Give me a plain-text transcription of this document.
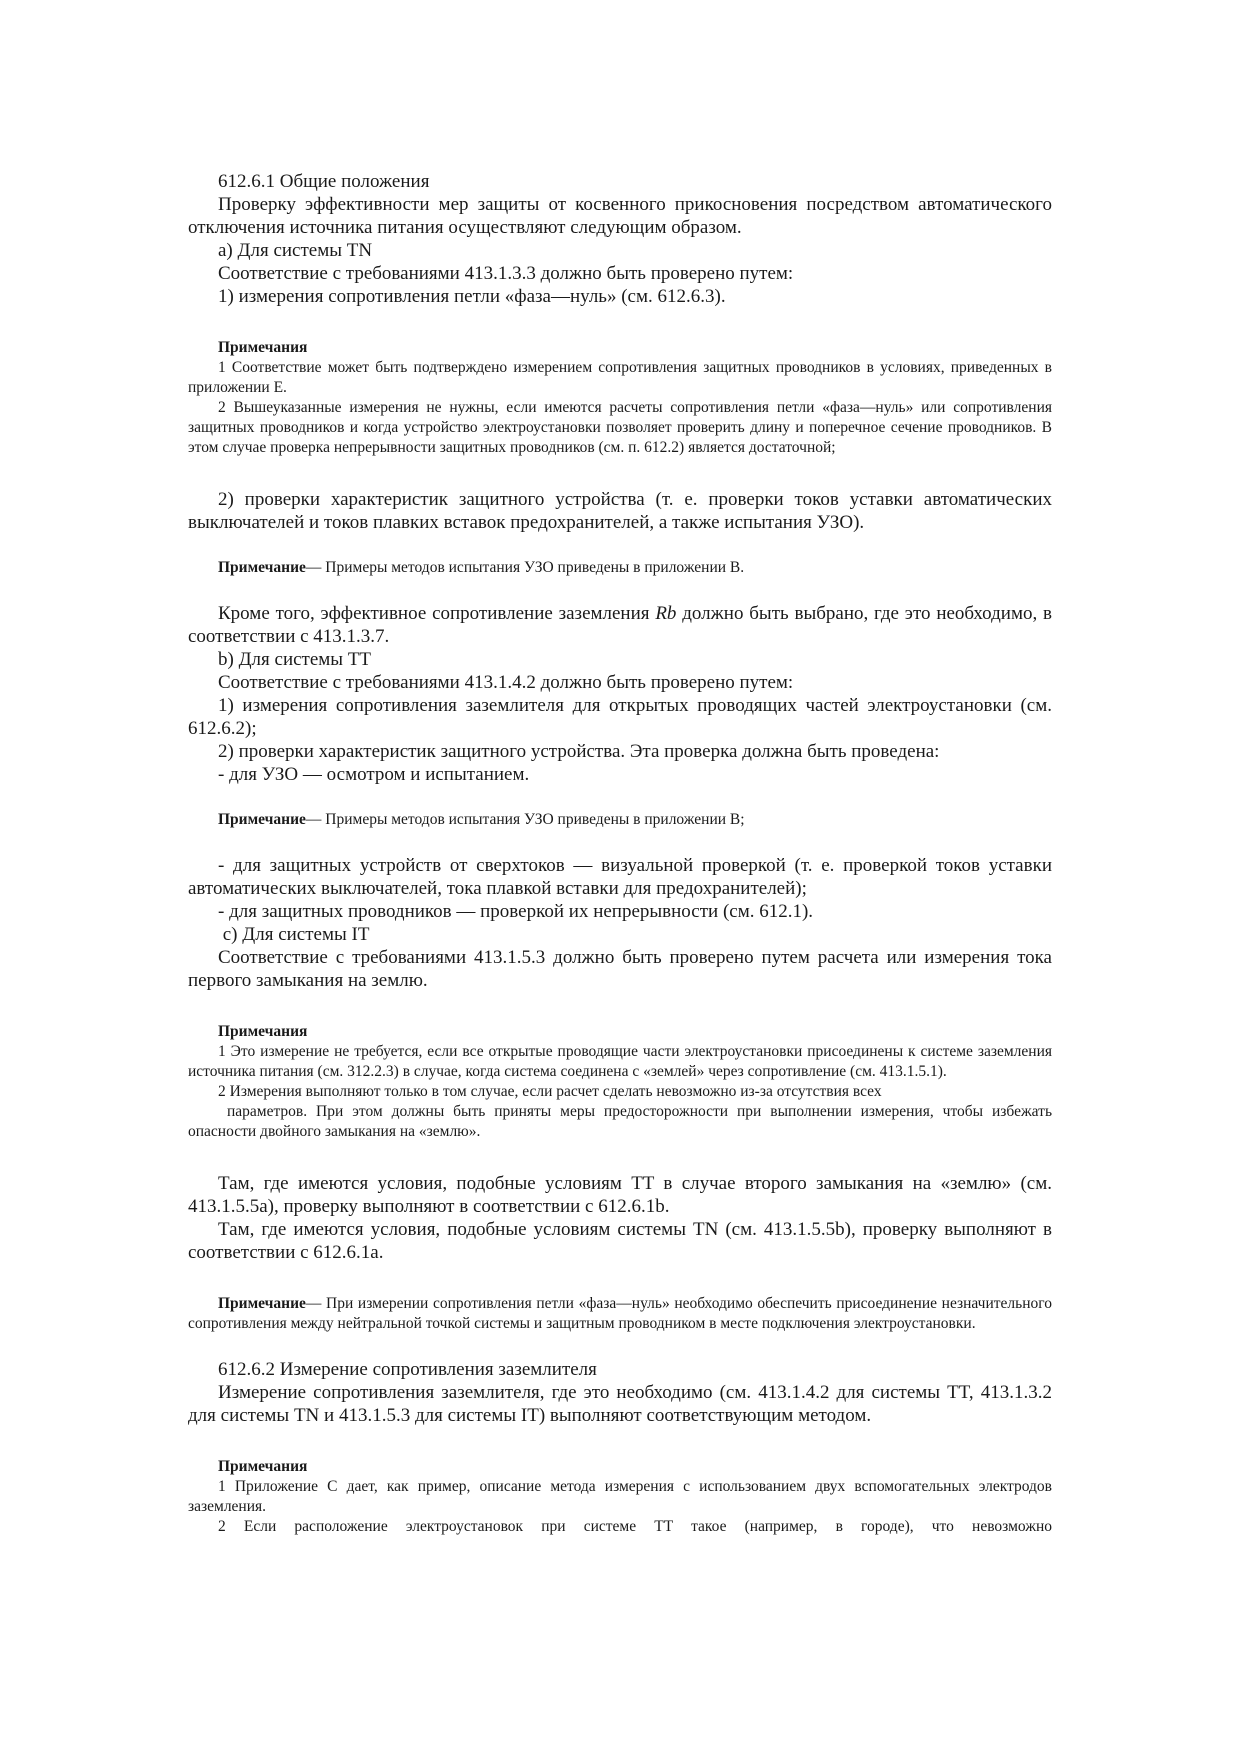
612.6.1 Общие положения

Проверку эффективности мер защиты от косвенного прикосновения посредством автоматического отключения источника питания осуществляют следующим образом.

а) Для системы TN

Соответствие с требованиями 413.1.3.3 должно быть проверено путем:

1) измерения сопротивления петли «фаза—нуль» (см. 612.6.3).

Примечания

1 Соответствие может быть подтверждено измерением сопротивления защитных проводников в условиях, приведенных в приложении Е.

2 Вышеуказанные измерения не нужны, если имеются расчеты сопротивления петли «фаза—нуль» или сопротивления защитных проводников и когда устройство электроустановки позволяет проверить длину и поперечное сечение проводников. В этом случае проверка непрерывности защитных проводников (см. п. 612.2) является достаточной;

2) проверки характеристик защитного устройства (т. е. проверки токов уставки автоматических выключателей и токов плавких вставок предохранителей, а также испытания УЗО).

Примечание— Примеры методов испытания УЗО приведены в приложении В.

Кроме того, эффективное сопротивление заземления Rb должно быть выбрано, где это необходимо, в соответствии с 413.1.3.7.

b) Для системы TT

Соответствие с требованиями 413.1.4.2 должно быть проверено путем:

1) измерения сопротивления заземлителя для открытых проводящих частей электроустановки (см. 612.6.2);

2) проверки характеристик защитного устройства. Эта проверка должна быть проведена:

- для УЗО — осмотром и испытанием.

Примечание— Примеры методов испытания УЗО приведены в приложении В;

- для защитных устройств от сверхтоков — визуальной проверкой (т. е. проверкой токов уставки автоматических выключателей, тока плавкой вставки для предохранителей);

- для защитных проводников — проверкой их непрерывности (см. 612.1).

с) Для системы IT

Соответствие с требованиями 413.1.5.3 должно быть проверено путем расчета или измерения тока первого замыкания на землю.

Примечания

1 Это измерение не требуется, если все открытые проводящие части электроустановки присоединены к системе заземления источника питания (см. 312.2.3) в случае, когда система соединена с «землей» через сопротивление (см. 413.1.5.1).

2 Измерения выполняют только в том случае, если расчет сделать невозможно из-за отсутствия всех

параметров. При этом должны быть приняты меры предосторожности при выполнении измерения, чтобы избежать опасности двойного замыкания на «землю».

Там, где имеются условия, подобные условиям TT в случае второго замыкания на «землю» (см. 413.1.5.5а), проверку выполняют в соответствии с 612.6.1b.

Там, где имеются условия, подобные условиям системы TN (см. 413.1.5.5b), проверку выполняют в соответствии с 612.6.1а.

Примечание— При измерении сопротивления петли «фаза—нуль» необходимо обеспечить присоединение незначительного сопротивления между нейтральной точкой системы и защитным проводником в месте подключения электроустановки.

612.6.2 Измерение сопротивления заземлителя

Измерение сопротивления заземлителя, где это необходимо (см. 413.1.4.2 для системы TT, 413.1.3.2 для системы TN и 413.1.5.3 для системы IT) выполняют соответствующим методом.

Примечания

1 Приложение С дает, как пример, описание метода измерения с использованием двух вспомогательных электродов заземления.

2 Если расположение электроустановок при системе TT такое (например, в городе), что невозможно
